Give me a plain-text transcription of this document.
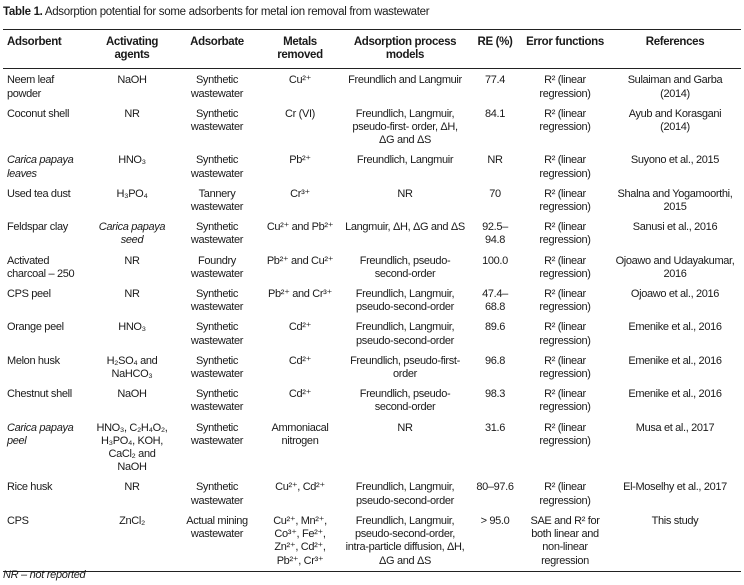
Table 1. Adsorption potential for some adsorbents for metal ion removal from wastewater
Adsorbent	Activating agents	Adsorbate	Metals removed	Adsorption process models	RE (%)	Error functions	References
Neem leaf powder	NaOH	Synthetic wastewater	Cu²⁺	Freundlich and Langmuir	77.4	R² (linear regression)	Sulaiman and Garba (2014)
Coconut shell	NR	Synthetic wastewater	Cr (VI)	Freundlich, Langmuir, pseudo-first- order, ΔH, ΔG and ΔS	84.1	R² (linear regression)	Ayub and Korasgani (2014)
Carica papaya leaves	HNO₃	Synthetic wastewater	Pb²⁺	Freundlich, Langmuir	NR	R² (linear regression)	Suyono et al., 2015
Used tea dust	H₃PO₄	Tannery wastewater	Cr³⁺	NR	70	R² (linear regression)	Shalna and Yogamoorthi, 2015
Feldspar clay	Carica papaya seed	Synthetic wastewater	Cu²⁺ and Pb²⁺	Langmuir, ΔH, ΔG and ΔS	92.5–94.8	R² (linear regression)	Sanusi et al., 2016
Activated charcoal – 250	NR	Foundry wastewater	Pb²⁺ and Cu²⁺	Freundlich, pseudo-second-order	100.0	R² (linear regression)	Ojoawo and Udayakumar, 2016
CPS peel	NR	Synthetic wastewater	Pb²⁺ and Cr³⁺	Freundlich, Langmuir, pseudo-second-order	47.4–68.8	R² (linear regression)	Ojoawo et al., 2016
Orange peel	HNO₃	Synthetic wastewater	Cd²⁺	Freundlich, Langmuir, pseudo-second-order	89.6	R² (linear regression)	Emenike et al., 2016
Melon husk	H₂SO₄ and NaHCO₃	Synthetic wastewater	Cd²⁺	Freundlich, pseudo-first-order	96.8	R² (linear regression)	Emenike et al., 2016
Chestnut shell	NaOH	Synthetic wastewater	Cd²⁺	Freundlich, pseudo-second-order	98.3	R² (linear regression)	Emenike et al., 2016
Carica papaya peel	HNO₃, C₂H₄O₂, H₃PO₄, KOH, CaCl₂ and NaOH	Synthetic wastewater	Ammoniacal nitrogen	NR	31.6	R² (linear regression)	Musa et al., 2017
Rice husk	NR	Synthetic wastewater	Cu²⁺, Cd²⁺	Freundlich, Langmuir, pseudo-second-order	80–97.6	R² (linear regression)	El-Moselhy et al., 2017
CPS	ZnCl₂	Actual mining wastewater	Cu²⁺, Mn²⁺, Co³⁺, Fe²⁺, Zn²⁺, Cd²⁺, Pb²⁺, Cr³⁺	Freundlich, Langmuir, pseudo-second-order, intra-particle diffusion, ΔH, ΔG and ΔS	> 95.0	SAE and R² for both linear and non-linear regression	This study
NR – not reported
